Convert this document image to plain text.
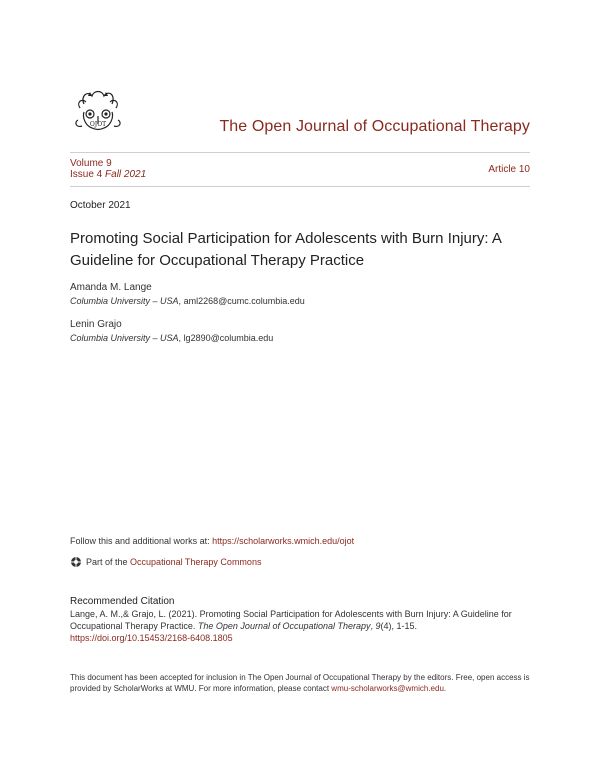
OJOT	The Open Journal of Occupational Therapy
Volume 9
Issue 4 Fall 2021	Article 10
October 2021
Promoting Social Participation for Adolescents with Burn Injury: A Guideline for Occupational Therapy Practice
Amanda M. Lange
Columbia University – USA, aml2268@cumc.columbia.edu
Lenin Grajo
Columbia University – USA, lg2890@columbia.edu
Follow this and additional works at: https://scholarworks.wmich.edu/ojot
Part of the
Occupational Therapy Commons
Recommended Citation
Lange, A. M.,& Grajo, L. (2021). Promoting Social Participation for Adolescents with Burn Injury: A Guideline for Occupational Therapy Practice. The Open Journal of Occupational Therapy, 9(4), 1-15.
https://doi.org/10.15453/2168-6408.1805
This document has been accepted for inclusion in The Open Journal of Occupational Therapy by the editors. Free, open access is provided by ScholarWorks at WMU. For more information, please contact wmu-scholarworks@wmich.edu.
